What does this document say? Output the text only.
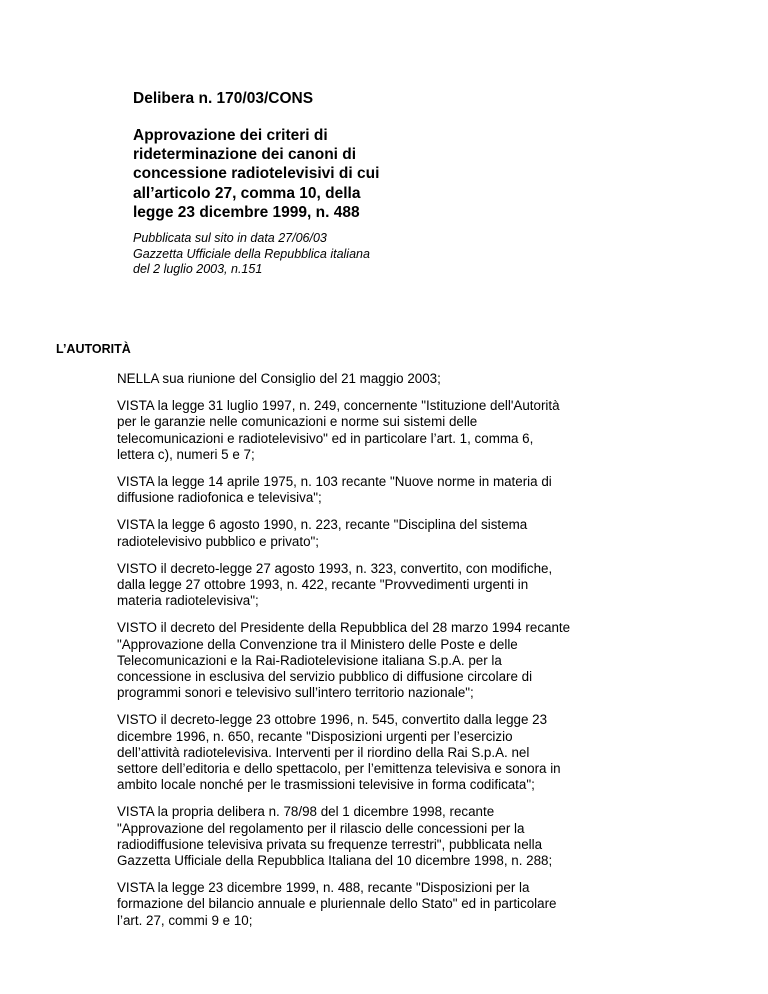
Delibera n. 170/03/CONS
Approvazione dei criteri di
rideterminazione dei canoni di
concessione radiotelevisivi di cui
all’articolo 27, comma 10, della
legge 23 dicembre 1999, n. 488
Pubblicata sul sito in data 27/06/03
Gazzetta Ufficiale della Repubblica italiana
del 2 luglio 2003, n.151
L’AUTORITÀ
NELLA sua riunione del Consiglio del 21 maggio 2003;
VISTA la legge 31 luglio 1997, n. 249, concernente "Istituzione dell'Autorità
per le garanzie nelle comunicazioni e norme sui sistemi delle
telecomunicazioni e radiotelevisivo" ed in particolare l’art. 1, comma 6,
lettera c), numeri 5 e 7;
VISTA la legge 14 aprile 1975, n. 103 recante "Nuove norme in materia di
diffusione radiofonica e televisiva";
VISTA la legge 6 agosto 1990, n. 223, recante "Disciplina del sistema
radiotelevisivo pubblico e privato";
VISTO il decreto-legge 27 agosto 1993, n. 323, convertito, con modifiche,
dalla legge 27 ottobre 1993, n. 422, recante "Provvedimenti urgenti in
materia radiotelevisiva";
VISTO il decreto del Presidente della Repubblica del 28 marzo 1994 recante
"Approvazione della Convenzione tra il Ministero delle Poste e delle
Telecomunicazioni e la Rai-Radiotelevisione italiana S.p.A. per la
concessione in esclusiva del servizio pubblico di diffusione circolare di
programmi sonori e televisivo sull’intero territorio nazionale";
VISTO il decreto-legge 23 ottobre 1996, n. 545, convertito dalla legge 23
dicembre 1996, n. 650, recante "Disposizioni urgenti per l’esercizio
dell’attività radiotelevisiva. Interventi per il riordino della Rai S.p.A. nel
settore dell’editoria e dello spettacolo, per l’emittenza televisiva e sonora in
ambito locale nonché per le trasmissioni televisive in forma codificata";
VISTA la propria delibera n. 78/98 del 1 dicembre 1998, recante
"Approvazione del regolamento per il rilascio delle concessioni per la
radiodiffusione televisiva privata su frequenze terrestri", pubblicata nella
Gazzetta Ufficiale della Repubblica Italiana del 10 dicembre 1998, n. 288;
VISTA la legge 23 dicembre 1999, n. 488, recante "Disposizioni per la
formazione del bilancio annuale e pluriennale dello Stato" ed in particolare
l’art. 27, commi 9 e 10;
